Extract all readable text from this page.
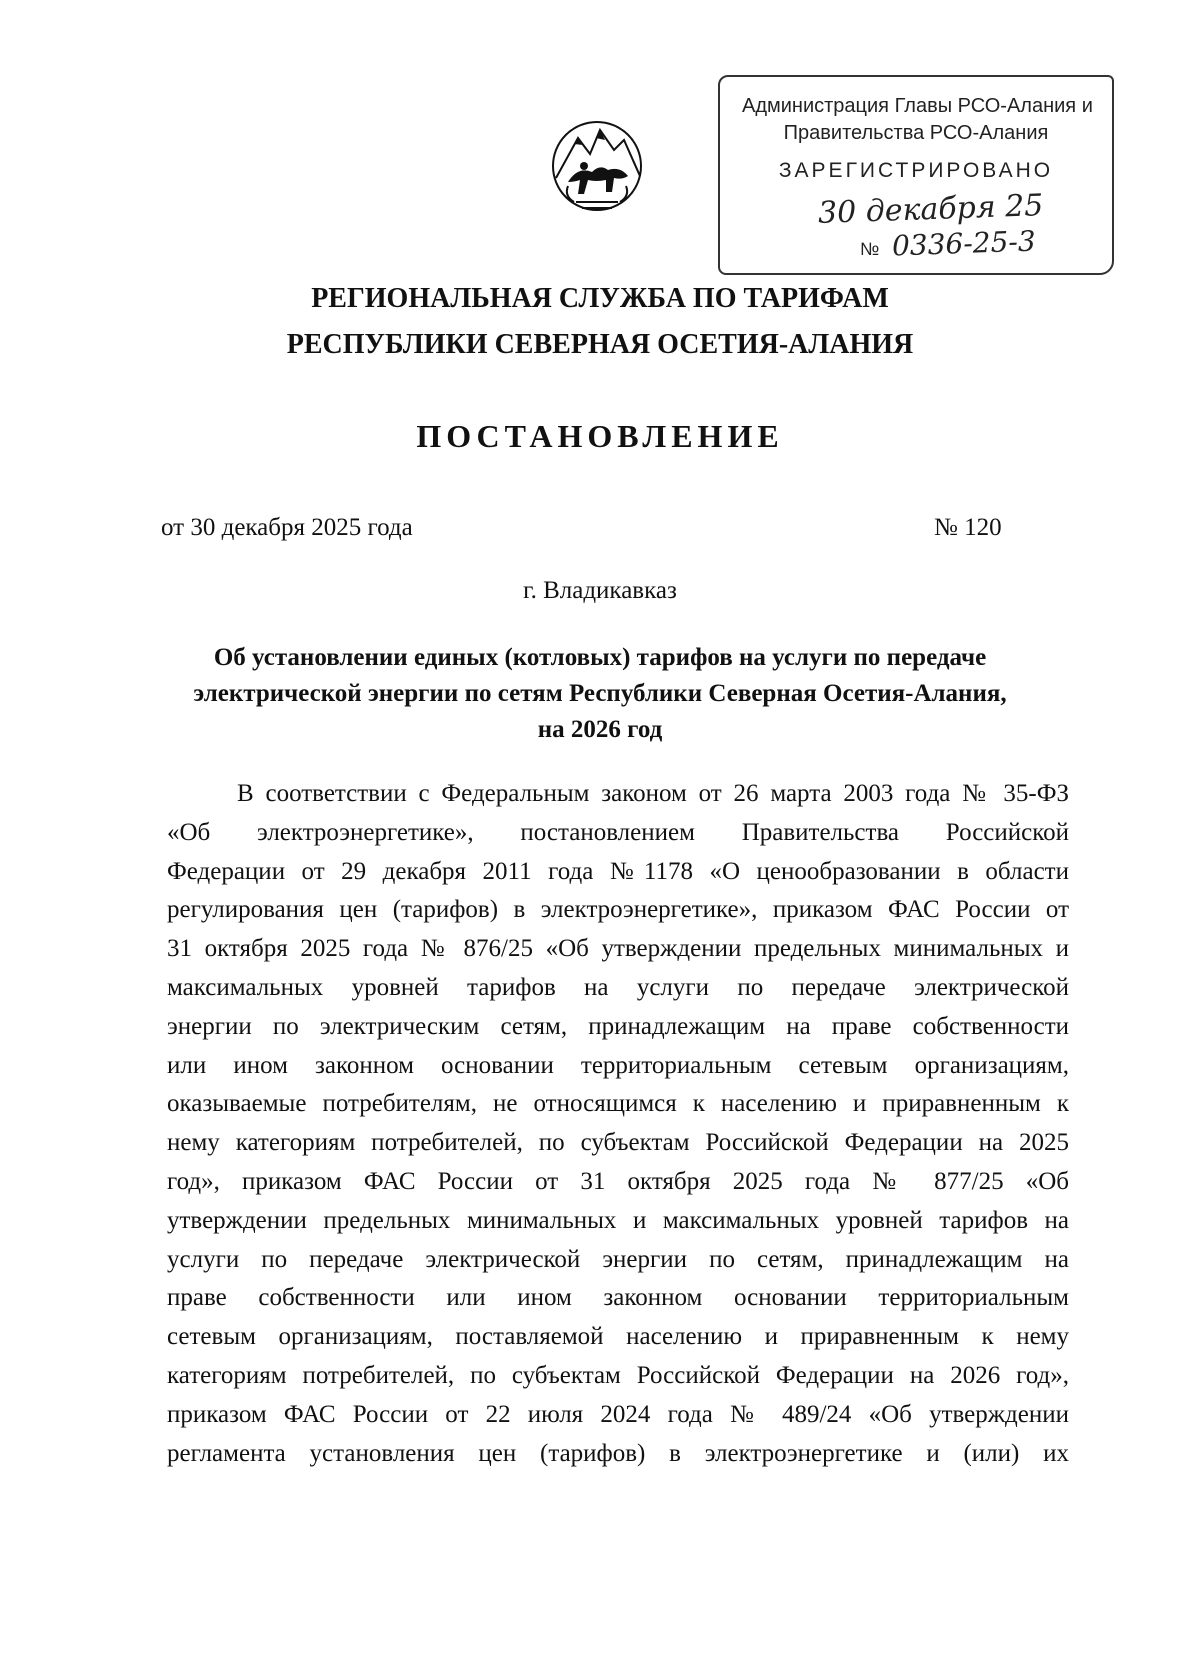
Администрация Главы РСО-Алания и
Правительства РСО-Алания
ЗАРЕГИСТРИРОВАНО
30 декабря 25
№ 0336-25-3
РЕГИОНАЛЬНАЯ СЛУЖБА ПО ТАРИФАМ
РЕСПУБЛИКИ СЕВЕРНАЯ ОСЕТИЯ-АЛАНИЯ
ПОСТАНОВЛЕНИЕ
от 30 декабря 2025 года	№ 120
г. Владикавказ
Об установлении единых (котловых) тарифов на услуги по передаче
электрической энергии по сетям Республики Северная Осетия-Алания,
на 2026 год
В соответствии с Федеральным законом от 26 марта 2003 года № 35-ФЗ
«Об электроэнергетике», постановлением Правительства Российской
Федерации от 29 декабря 2011 года №1178 «О ценообразовании в области
регулирования цен (тарифов) в электроэнергетике», приказом ФАС России от
31 октября 2025 года № 876/25 «Об утверждении предельных минимальных и
максимальных уровней тарифов на услуги по передаче электрической
энергии по электрическим сетям, принадлежащим на праве собственности
или ином законном основании территориальным сетевым организациям,
оказываемые потребителям, не относящимся к населению и приравненным к
нему категориям потребителей, по субъектам Российской Федерации на 2025
год», приказом ФАС России от 31 октября 2025 года № 877/25 «Об
утверждении предельных минимальных и максимальных уровней тарифов на
услуги по передаче электрической энергии по сетям, принадлежащим на
праве собственности или ином законном основании территориальным
сетевым организациям, поставляемой населению и приравненным к нему
категориям потребителей, по субъектам Российской Федерации на 2026 год»,
приказом ФАС России от 22 июля 2024 года № 489/24 «Об утверждении
регламента установления цен (тарифов) в электроэнергетике и (или) их
